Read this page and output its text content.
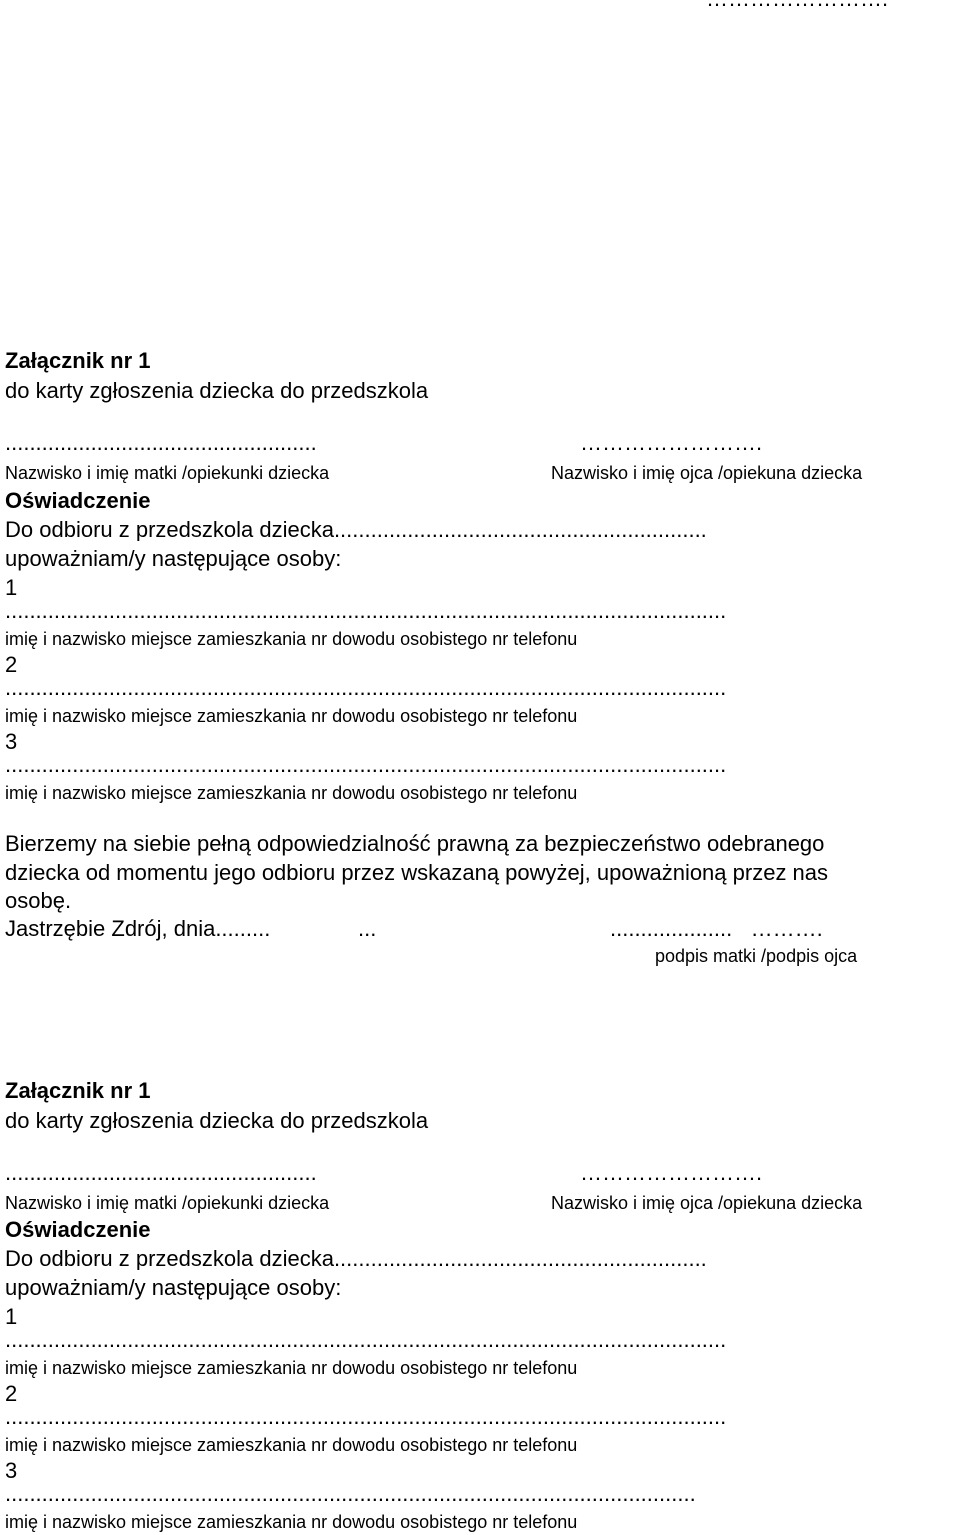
Załącznik nr 1
do karty zgłoszenia dziecka do przedszkola
...................................................	…………………….
Nazwisko i imię matki /opiekunki dziecka	Nazwisko i imię ojca /opiekuna dziecka
Oświadczenie
Do odbioru z przedszkola dziecka.............................................................
upoważniam/y następujące osoby:
1
......................................................................................................................
imię i nazwisko miejsce zamieszkania nr dowodu osobistego nr telefonu
2
......................................................................................................................
imię i nazwisko miejsce zamieszkania nr dowodu osobistego nr telefonu
3
......................................................................................................................
imię i nazwisko miejsce zamieszkania nr dowodu osobistego nr telefonu
Bierzemy na siebie pełną odpowiedzialność prawną za bezpieczeństwo odebranego
dziecka od momentu jego odbioru przez wskazaną powyżej, upoważnioną przez nas
osobę.
Jastrzębie Zdrój, dnia.........	...	....................   ……….
podpis matki /podpis ojca
Załącznik nr 1
do karty zgłoszenia dziecka do przedszkola
...................................................	…………………….
Nazwisko i imię matki /opiekunki dziecka	Nazwisko i imię ojca /opiekuna dziecka
Oświadczenie
Do odbioru z przedszkola dziecka.............................................................
upoważniam/y następujące osoby:
1
......................................................................................................................
imię i nazwisko miejsce zamieszkania nr dowodu osobistego nr telefonu
2
......................................................................................................................
imię i nazwisko miejsce zamieszkania nr dowodu osobistego nr telefonu
3
.................................................................................................................
imię i nazwisko miejsce zamieszkania nr dowodu osobistego nr telefonu
